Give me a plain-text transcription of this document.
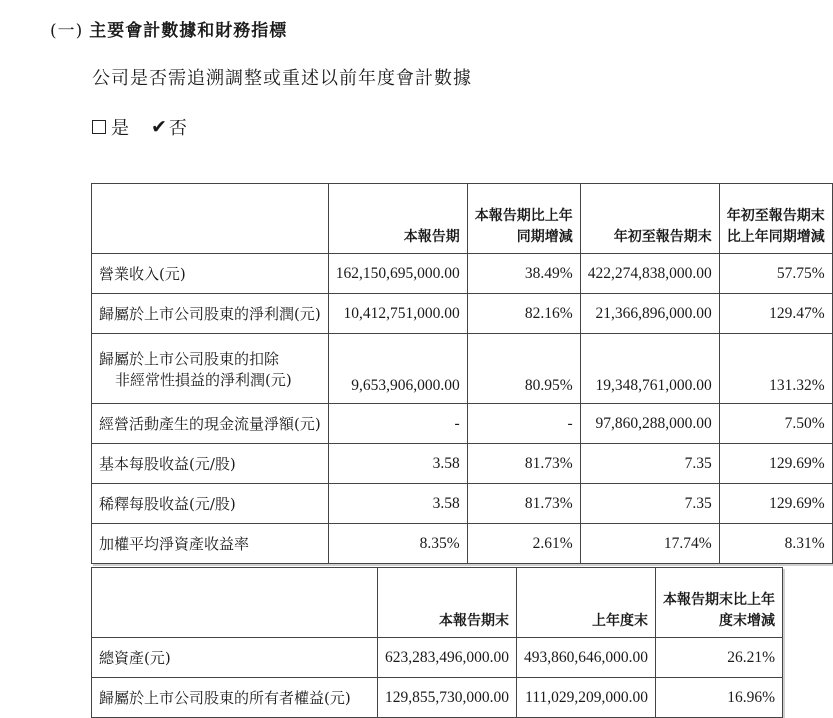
(一) 主要會計數據和財務指標
公司是否需追溯調整或重述以前年度會計數據
是 ✔ 否
	本報告期	本報告期比上年
同期增減	年初至報告期末	年初至報告期末
比上年同期增減
營業收入(元)	162,150,695,000.00	38.49%	422,274,838,000.00	57.75%
歸屬於上市公司股東的淨利潤(元)	10,412,751,000.00	82.16%	21,366,896,000.00	129.47%
歸屬於上市公司股東的扣除
非經常性損益的淨利潤(元)	9,653,906,000.00	80.95%	19,348,761,000.00	131.32%
經營活動產生的現金流量淨額(元)	-	-	97,860,288,000.00	7.50%
基本每股收益(元/股)	3.58	81.73%	7.35	129.69%
稀釋每股收益(元/股)	3.58	81.73%	7.35	129.69%
加權平均淨資產收益率	8.35%	2.61%	17.74%	8.31%
	本報告期末	上年度末	本報告期末比上年
度末增減
總資產(元)	623,283,496,000.00	493,860,646,000.00	26.21%
歸屬於上市公司股東的所有者權益(元)	129,855,730,000.00	111,029,209,000.00	16.96%
